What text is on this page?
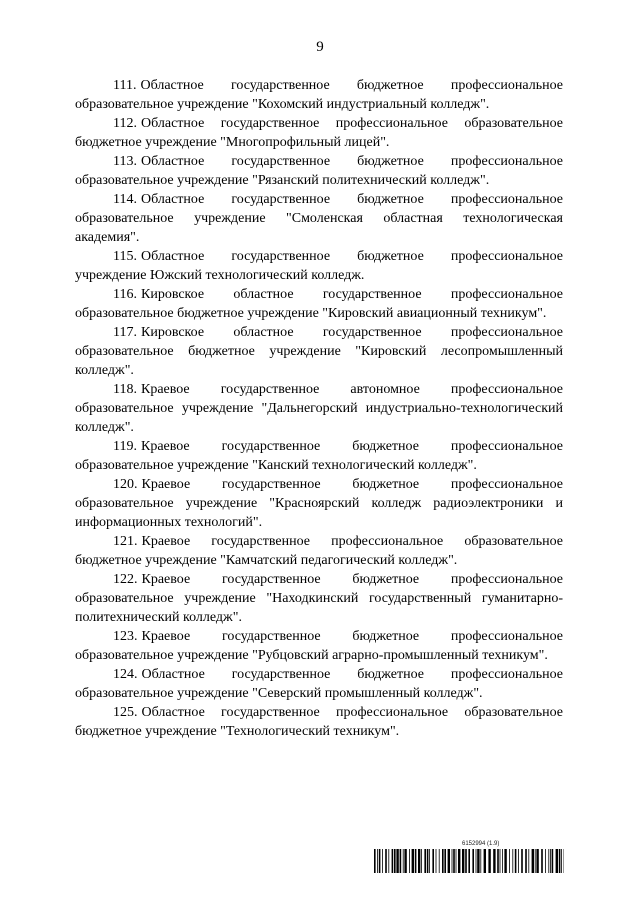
9

111. Областное государственное бюджетное профессиональное образовательное учреждение "Кохомский индустриальный колледж".

112. Областное государственное профессиональное образовательное бюджетное учреждение "Многопрофильный лицей".

113. Областное государственное бюджетное профессиональное образовательное учреждение "Рязанский политехнический колледж".

114. Областное государственное бюджетное профессиональное образовательное учреждение "Смоленская областная технологическая академия".

115. Областное государственное бюджетное профессиональное учреждение Южский технологический колледж.

116. Кировское областное государственное профессиональное образовательное бюджетное учреждение "Кировский авиационный техникум".

117. Кировское областное государственное профессиональное образовательное бюджетное учреждение "Кировский лесопромышленный колледж".

118. Краевое государственное автономное профессиональное образовательное учреждение "Дальнегорский индустриально-технологический колледж".

119. Краевое государственное бюджетное профессиональное образовательное учреждение "Канский технологический колледж".

120. Краевое государственное бюджетное профессиональное образовательное учреждение "Красноярский колледж радиоэлектроники и информационных технологий".

121. Краевое государственное профессиональное образовательное бюджетное учреждение "Камчатский педагогический колледж".

122. Краевое государственное бюджетное профессиональное образовательное учреждение "Находкинский государственный гуманитарно-политехнический колледж".

123. Краевое государственное бюджетное профессиональное образовательное учреждение "Рубцовский аграрно-промышленный техникум".

124. Областное государственное бюджетное профессиональное образовательное учреждение "Северский промышленный колледж".

125. Областное государственное профессиональное образовательное бюджетное учреждение "Технологический техникум".

6152994 (1.9)
